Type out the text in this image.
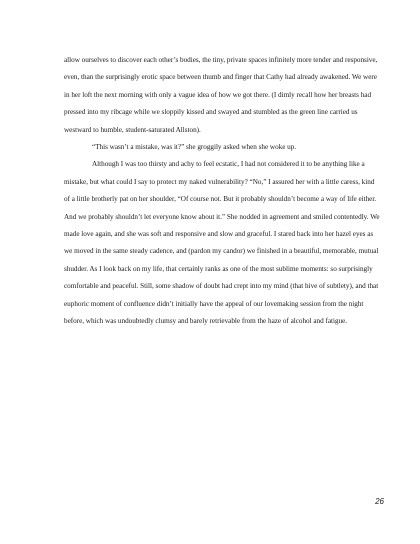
allow ourselves to discover each other’s bodies, the tiny, private spaces infinitely more tender and responsive, even, than the surprisingly erotic space between thumb and finger that Cathy had already awakened. We were in her loft the next morning with only a vague idea of how we got there. (I dimly recall how her breasts had pressed into my ribcage while we sloppily kissed and swayed and stumbled as the green line carried us westward to humble, student-saturated Allston).

“This wasn’t a mistake, was it?” she groggily asked when she woke up.

Although I was too thirsty and achy to feel ecstatic, I had not considered it to be anything like a mistake, but what could I say to protect my naked vulnerability? “No,” I assured her with a little caress, kind of a little brotherly pat on her shoulder, “Of course not. But it probably shouldn’t become a way of life either. And we probably shouldn’t let everyone know about it.” She nodded in agreement and smiled contentedly. We made love again, and she was soft and responsive and slow and graceful. I stared back into her hazel eyes as we moved in the same steady cadence, and (pardon my candor) we finished in a beautiful, memorable, mutual shudder. As I look back on my life, that certainly ranks as one of the most sublime moments: so surprisingly comfortable and peaceful. Still, some shadow of doubt had crept into my mind (that hive of subtlety), and that euphoric moment of confluence didn’t initially have the appeal of our lovemaking session from the night before, which was undoubtedly clumsy and barely retrievable from the haze of alcohol and fatigue.

26
